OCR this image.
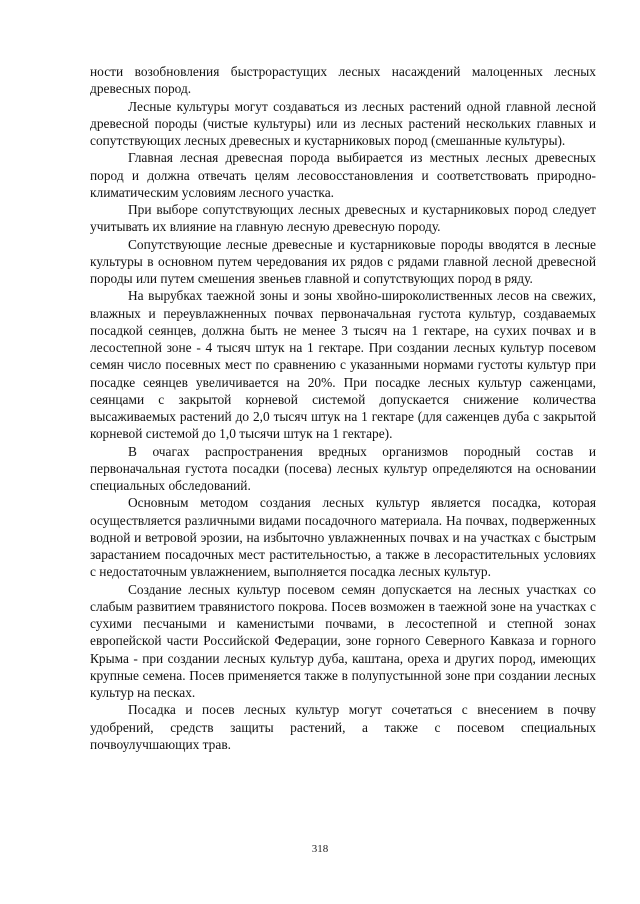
ности возобновления быстрорастущих лесных насаждений малоценных лесных древесных пород.

Лесные культуры могут создаваться из лесных растений одной главной лесной древесной породы (чистые культуры) или из лесных растений нескольких главных и сопутствующих лесных древесных и кустарниковых пород (смешанные культуры).

Главная лесная древесная порода выбирается из местных лесных древесных пород и должна отвечать целям лесовосстановления и соответствовать природно-климатическим условиям лесного участка.

При выборе сопутствующих лесных древесных и кустарниковых пород следует учитывать их влияние на главную лесную древесную породу.

Сопутствующие лесные древесные и кустарниковые породы вводятся в лесные культуры в основном путем чередования их рядов с рядами главной лесной древесной породы или путем смешения звеньев главной и сопутствующих пород в ряду.

На вырубках таежной зоны и зоны хвойно-широколиственных лесов на свежих, влажных и переувлажненных почвах первоначальная густота культур, создаваемых посадкой сеянцев, должна быть не менее 3 тысяч на 1 гектаре, на сухих почвах и в лесостепной зоне - 4 тысяч штук на 1 гектаре. При создании лесных культур посевом семян число посевных мест по сравнению с указанными нормами густоты культур при посадке сеянцев увеличивается на 20%. При посадке лесных культур саженцами, сеянцами с закрытой корневой системой допускается снижение количества высаживаемых растений до 2,0 тысяч штук на 1 гектаре (для саженцев дуба с закрытой корневой системой до 1,0 тысячи штук на 1 гектаре).

В очагах распространения вредных организмов породный состав и первоначальная густота посадки (посева) лесных культур определяются на основании специальных обследований.

Основным методом создания лесных культур является посадка, которая осуществляется различными видами посадочного материала. На почвах, подверженных водной и ветровой эрозии, на избыточно увлажненных почвах и на участках с быстрым зарастанием посадочных мест растительностью, а также в лесорастительных условиях с недостаточным увлажнением, выполняется посадка лесных культур.

Создание лесных культур посевом семян допускается на лесных участках со слабым развитием травянистого покрова. Посев возможен в таежной зоне на участках с сухими песчаными и каменистыми почвами, в лесостепной и степной зонах европейской части Российской Федерации, зоне горного Северного Кавказа и горного Крыма - при создании лесных культур дуба, каштана, ореха и других пород, имеющих крупные семена. Посев применяется также в полупустынной зоне при создании лесных культур на песках.

Посадка и посев лесных культур могут сочетаться с внесением в почву удобрений, средств защиты растений, а также с посевом специальных почвоулучшающих трав.

318
